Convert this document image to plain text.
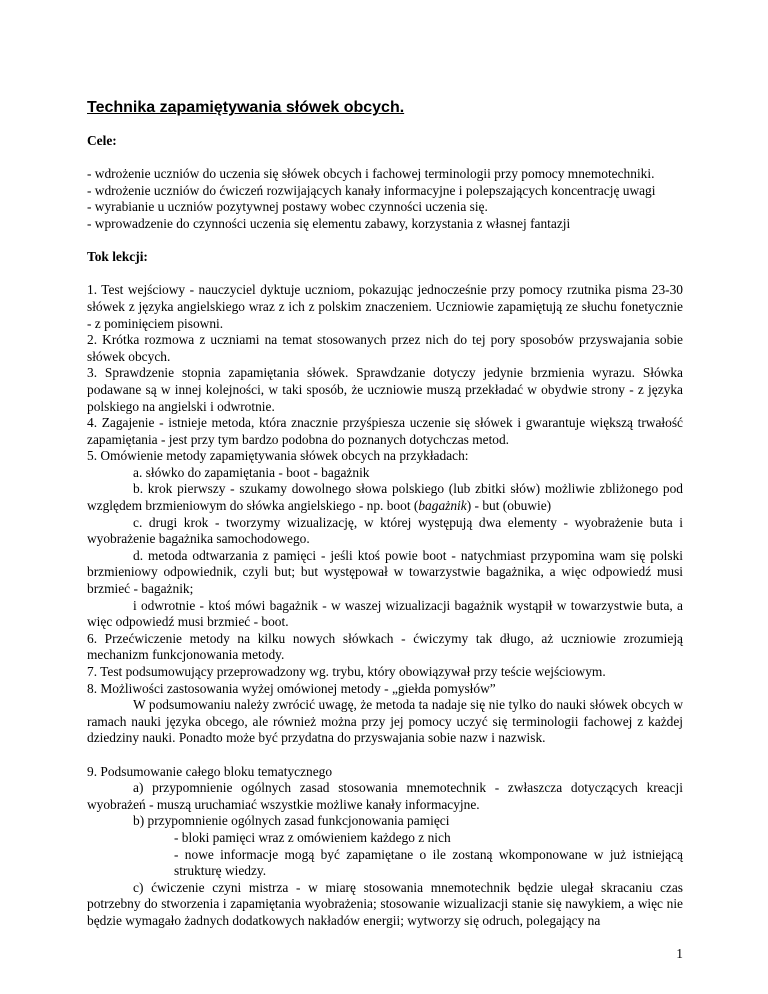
Technika zapamiętywania słówek obcych.

Cele:

- wdrożenie uczniów do uczenia się słówek obcych i fachowej terminologii przy pomocy mnemotechniki.

- wdrożenie uczniów do ćwiczeń rozwijających kanały informacyjne i polepszających koncentrację uwagi

- wyrabianie u uczniów pozytywnej postawy wobec czynności uczenia się.

- wprowadzenie do czynności uczenia się elementu zabawy, korzystania z własnej fantazji

Tok lekcji:

1. Test wejściowy - nauczyciel dyktuje uczniom, pokazując jednocześnie przy pomocy rzutnika pisma 23-30 słówek z języka angielskiego wraz z ich z polskim znaczeniem. Uczniowie zapamiętują ze słuchu fonetycznie - z pominięciem pisowni.

2. Krótka rozmowa z uczniami na temat stosowanych przez nich do tej pory sposobów przyswajania sobie słówek obcych.

3. Sprawdzenie stopnia zapamiętania słówek. Sprawdzanie dotyczy jedynie brzmienia wyrazu. Słówka podawane są w innej kolejności, w taki sposób, że uczniowie muszą przekładać w obydwie strony - z języka polskiego na angielski i odwrotnie.

4. Zagajenie - istnieje metoda, która znacznie przyśpiesza uczenie się słówek i gwarantuje większą trwałość zapamiętania - jest przy tym bardzo podobna do poznanych dotychczas metod.

5. Omówienie metody zapamiętywania słówek obcych na przykładach:

a. słówko do zapamiętania - boot - bagażnik

b. krok pierwszy - szukamy dowolnego słowa polskiego (lub zbitki słów) możliwie zbliżonego pod względem brzmieniowym do słówka angielskiego - np. boot (bagażnik) - but (obuwie)

c. drugi krok - tworzymy wizualizację, w której występują dwa elementy - wyobrażenie buta i wyobrażenie bagażnika samochodowego.

d. metoda odtwarzania z pamięci - jeśli ktoś powie boot - natychmiast przypomina wam się polski brzmieniowy odpowiednik, czyli but; but występował w towarzystwie bagażnika, a więc odpowiedź musi brzmieć - bagażnik;

i odwrotnie - ktoś mówi bagażnik - w waszej wizualizacji bagażnik wystąpił w towarzystwie buta, a więc odpowiedź musi brzmieć - boot.

6. Przećwiczenie metody na kilku nowych słówkach - ćwiczymy tak długo, aż uczniowie zrozumieją mechanizm funkcjonowania metody.

7. Test podsumowujący przeprowadzony wg. trybu, który obowiązywał przy teście wejściowym.

8. Możliwości zastosowania wyżej omówionej metody - „giełda pomysłów”

W podsumowaniu należy zwrócić uwagę, że metoda ta nadaje się nie tylko do nauki słówek obcych w ramach nauki języka obcego, ale również można przy jej pomocy uczyć się terminologii fachowej z każdej dziedziny nauki. Ponadto może być przydatna do przyswajania sobie nazw i nazwisk.

9. Podsumowanie całego bloku tematycznego

a) przypomnienie ogólnych zasad stosowania mnemotechnik - zwłaszcza dotyczących kreacji wyobrażeń - muszą uruchamiać wszystkie możliwe kanały informacyjne.

b) przypomnienie ogólnych zasad funkcjonowania pamięci

- bloki pamięci wraz z omówieniem każdego z nich

- nowe informacje mogą być zapamiętane o ile zostaną wkomponowane w już istniejącą strukturę wiedzy.

c) ćwiczenie czyni mistrza - w miarę stosowania mnemotechnik będzie ulegał skracaniu czas potrzebny do stworzenia i zapamiętania wyobrażenia; stosowanie wizualizacji stanie się nawykiem, a więc nie będzie wymagało żadnych dodatkowych nakładów energii; wytworzy się odruch, polegający na

1
